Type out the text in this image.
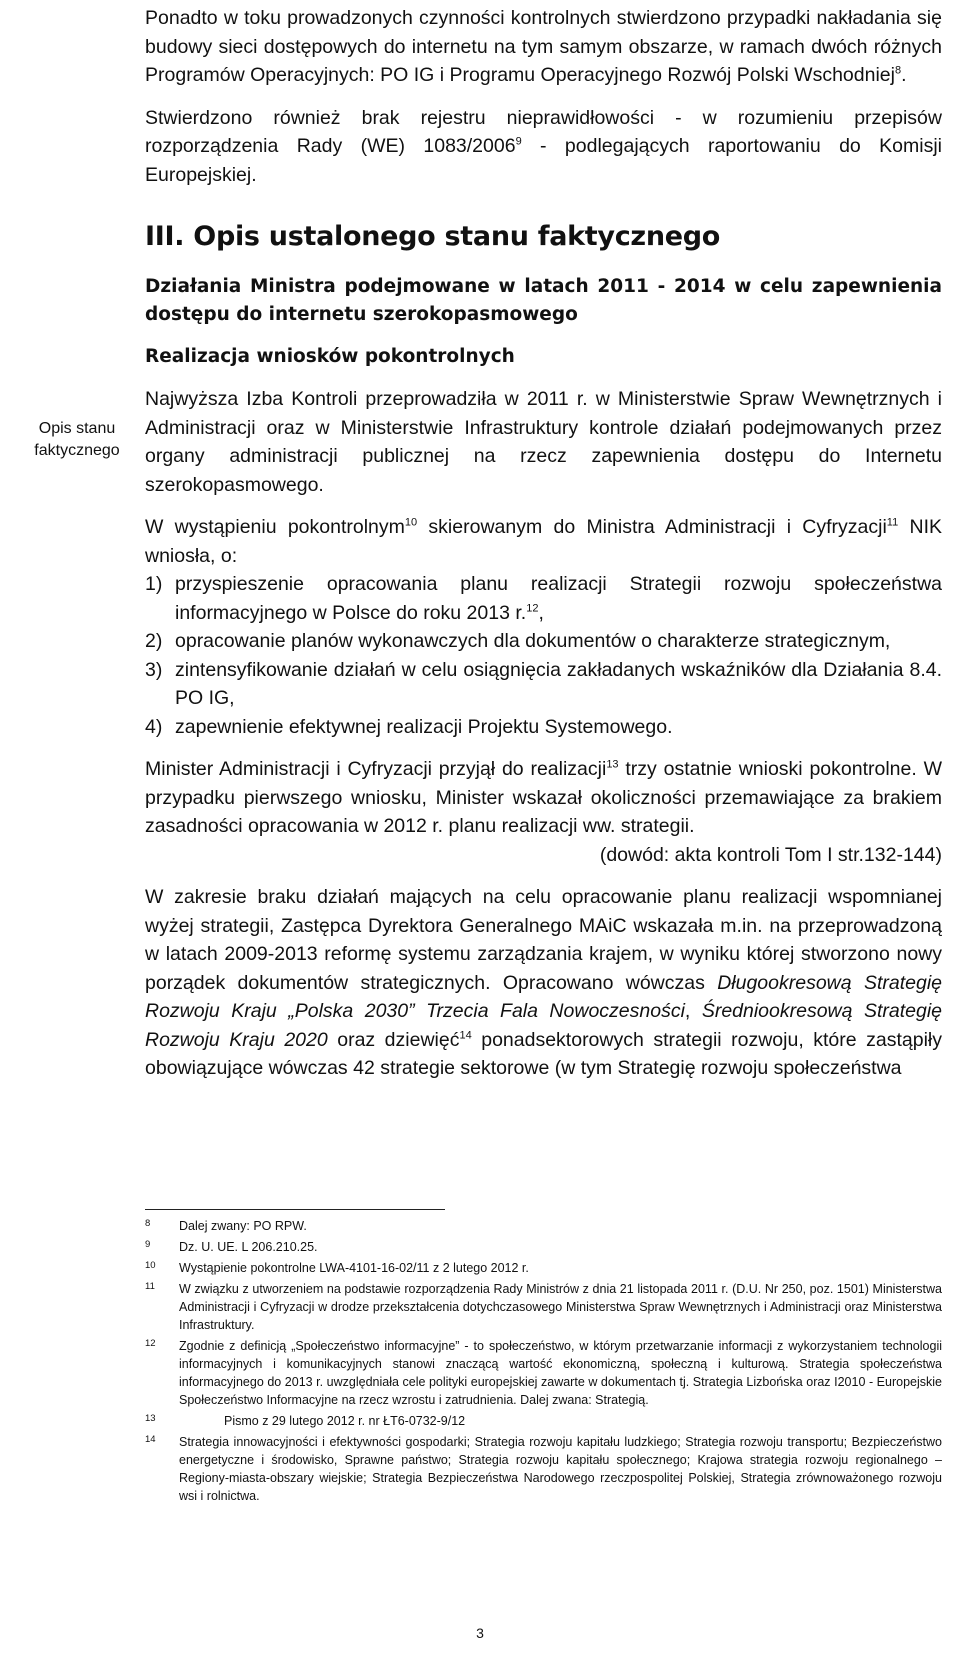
Opis stanu faktycznego

Ponadto w toku prowadzonych czynności kontrolnych stwierdzono przypadki nakładania się budowy sieci dostępowych do internetu na tym samym obszarze, w ramach dwóch różnych Programów Operacyjnych: PO IG i Programu Operacyjnego Rozwój Polski Wschodniej$^8$.

Stwierdzono również brak rejestru nieprawidłowości - w rozumieniu przepisów rozporządzenia Rady (WE) 1083/2006$^9$ - podlegających raportowaniu do Komisji Europejskiej.

III. Opis ustalonego stanu faktycznego
Działania Ministra podejmowane w latach 2011 - 2014 w celu zapewnienia dostępu do internetu szerokopasmowego
Realizacja wniosków pokontrolnych

Najwyższa Izba Kontroli przeprowadziła w 2011 r. w Ministerstwie Spraw Wewnętrznych i Administracji oraz w Ministerstwie Infrastruktury kontrole działań podejmowanych przez organy administracji publicznej na rzecz zapewnienia dostępu do Internetu szerokopasmowego.

W wystąpieniu pokontrolnym$^{10}$ skierowanym do Ministra Administracji i Cyfryzacji$^{11}$ NIK wniosła, o:

1) przyspieszenie opracowania planu realizacji Strategii rozwoju społeczeństwa informacyjnego w Polsce do roku 2013 r.$^{12}$,
2) opracowanie planów wykonawczych dla dokumentów o charakterze strategicznym,
3) zintensyfikowanie działań w celu osiągnięcia zakładanych wskaźników dla Działania 8.4. PO IG,
4) zapewnienie efektywnej realizacji Projektu Systemowego.

Minister Administracji i Cyfryzacji przyjął do realizacji$^{13}$ trzy ostatnie wnioski pokontrolne. W przypadku pierwszego wniosku, Minister wskazał okoliczności przemawiające za brakiem zasadności opracowania w 2012 r. planu realizacji ww. strategii.

(dowód: akta kontroli Tom I str.132-144)

W zakresie braku działań mających na celu opracowanie planu realizacji wspomnianej wyżej strategii, Zastępca Dyrektora Generalnego MAiC wskazała m.in. na przeprowadzoną w latach 2009-2013 reformę systemu zarządzania krajem, w wyniku której stworzono nowy porządek dokumentów strategicznych. Opracowano wówczas Długookresową Strategię Rozwoju Kraju „Polska 2030” Trzecia Fala Nowoczesności, Średniookresową Strategię Rozwoju Kraju 2020 oraz dziewięć$^{14}$ ponadsektorowych strategii rozwoju, które zastąpiły obowiązujące wówczas 42 strategie sektorowe (w tym Strategię rozwoju społeczeństwa

8	Dalej zwany: PO RPW.
9	Dz. U. UE. L 206.210.25.
10	Wystąpienie pokontrolne LWA-4101-16-02/11 z 2 lutego 2012 r.
11	W związku z utworzeniem na podstawie rozporządzenia Rady Ministrów z dnia 21 listopada 2011 r. (D.U. Nr 250, poz. 1501) Ministerstwa Administracji i Cyfryzacji w drodze przekształcenia dotychczasowego Ministerstwa Spraw Wewnętrznych i Administracji oraz Ministerstwa Infrastruktury.
12	Zgodnie z definicją „Społeczeństwo informacyjne” - to społeczeństwo, w którym przetwarzanie informacji z wykorzystaniem technologii informacyjnych i komunikacyjnych stanowi znaczącą wartość ekonomiczną, społeczną i kulturową. Strategia społeczeństwa informacyjnego do 2013 r. uwzględniała cele polityki europejskiej zawarte w dokumentach tj. Strategia Lizbońska oraz I2010 - Europejskie Społeczeństwo Informacyjne na rzecz wzrostu i zatrudnienia. Dalej zwana: Strategią.
13	Pismo z 29 lutego 2012 r. nr ŁT6-0732-9/12
14	Strategia innowacyjności i efektywności gospodarki; Strategia rozwoju kapitału ludzkiego; Strategia rozwoju transportu; Bezpieczeństwo energetyczne i środowisko, Sprawne państwo; Strategia rozwoju kapitału społecznego; Krajowa strategia rozwoju regionalnego – Regiony-miasta-obszary wiejskie; Strategia Bezpieczeństwa Narodowego rzeczpospolitej Polskiej, Strategia zrównoważonego rozwoju wsi i rolnictwa.
3
